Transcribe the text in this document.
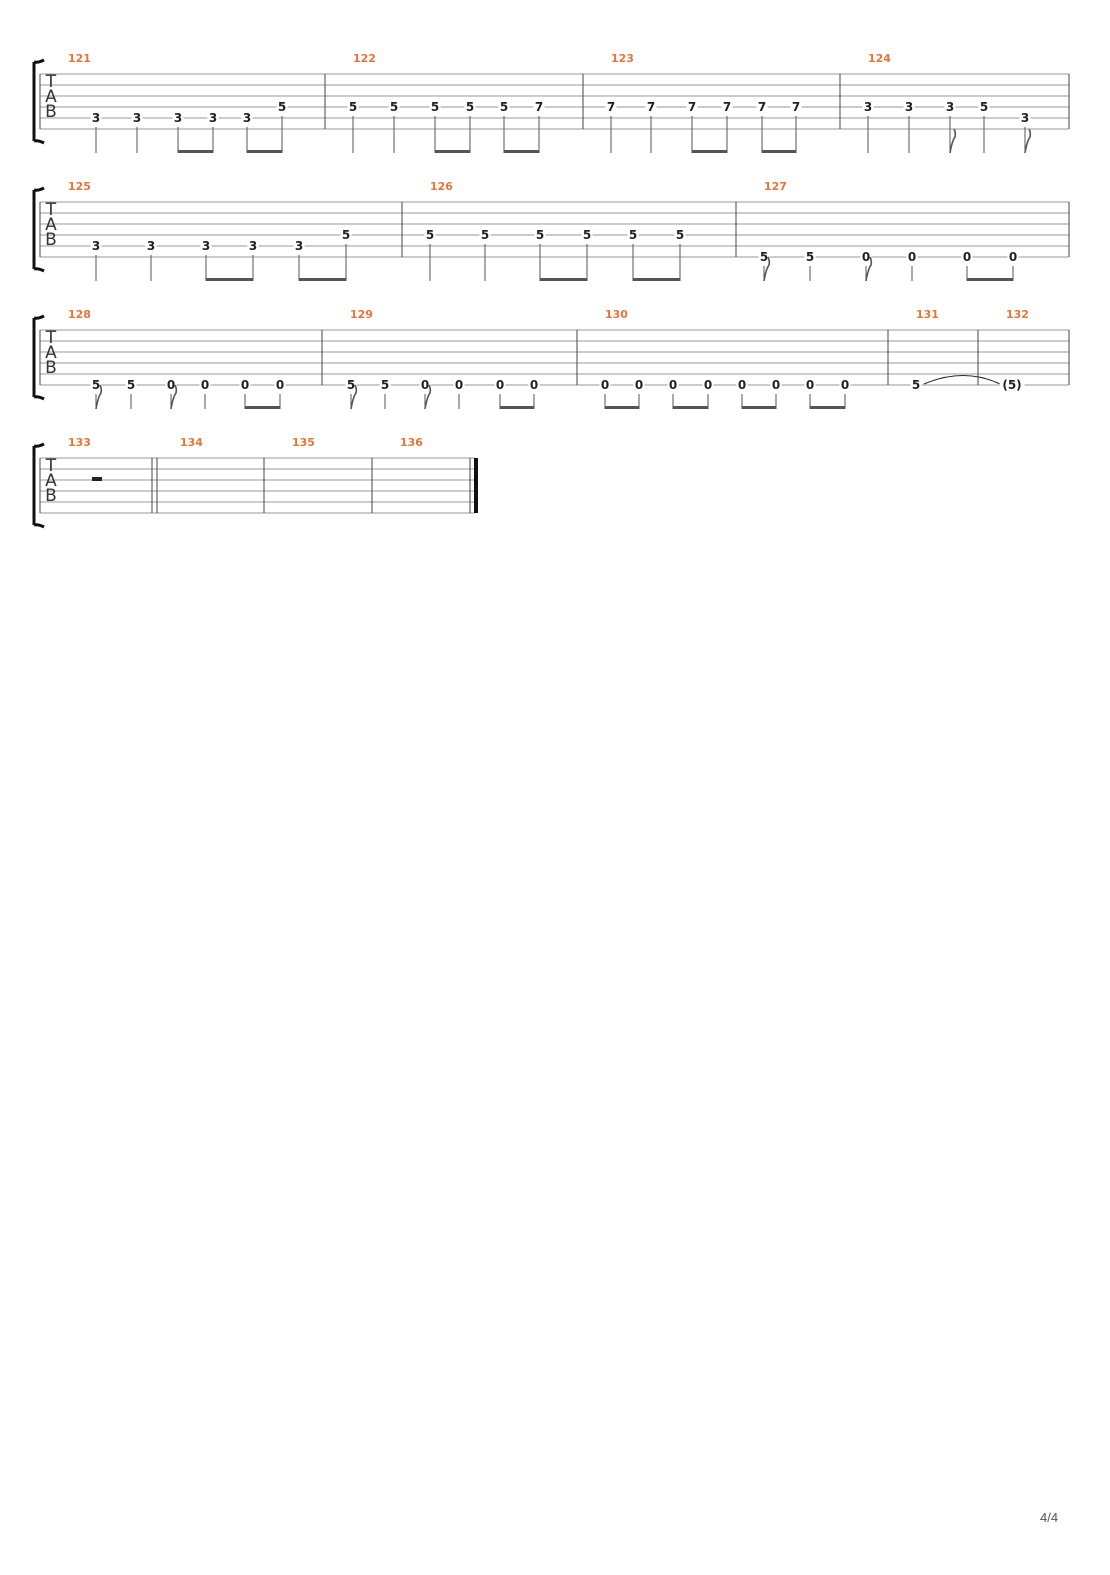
T
A
B
121
3	3	3 3 3
5
122
5	5	5 5 5 7
123
7	7	7 7 7 7
124
3	3	3 5
3
T
A
B
125
3	3	3	3	3
5
126
5	5	5	5	5	5
127
5	5	0	0	0	0
T
A
B
128
5 5	0 0	0 0
129
5 5	0 0	0 0
130
0 0 0 0 0 0 0 0
131
5
132
(5)
T
A
B
133	134	135	136
4/4
